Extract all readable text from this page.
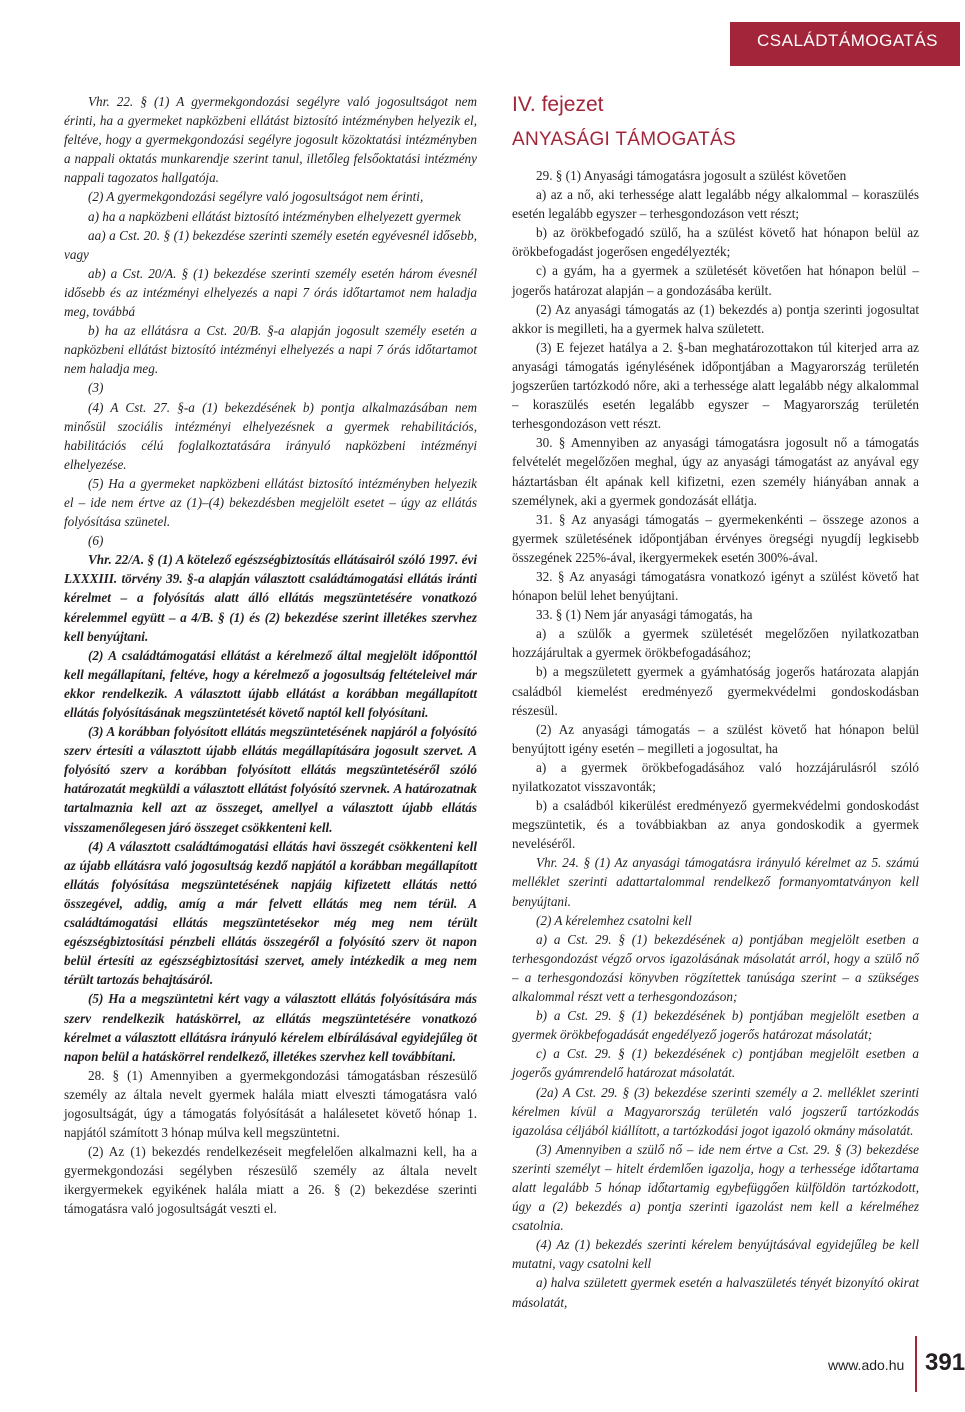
CSALÁDTÁMOGATÁS

Vhr. 22. § (1) A gyermekgondozási segélyre való jogosultságot nem érinti, ha a gyermeket napközbeni ellátást biztosító intézményben helyezik el, feltéve, hogy a gyermekgondozási segélyre jogosult közoktatási intézményben a nappali oktatás munkarendje szerint tanul, illetőleg felsőoktatási intézmény nappali tagozatos hallgatója.

(2) A gyermekgondozási segélyre való jogosultságot nem érinti,

a) ha a napközbeni ellátást biztosító intézményben elhelyezett gyermek

aa) a Cst. 20. § (1) bekezdése szerinti személy esetén egyévesnél idősebb, vagy

ab) a Cst. 20/A. § (1) bekezdése szerinti személy esetén három évesnél idősebb és az intézményi elhelyezés a napi 7 órás időtartamot nem haladja meg, továbbá

b) ha az ellátásra a Cst. 20/B. §-a alapján jogosult személy esetén a napközbeni ellátást biztosító intézményi elhelyezés a napi 7 órás időtartamot nem haladja meg.

(3)

(4) A Cst. 27. §-a (1) bekezdésének b) pontja alkalmazásában nem minősül szociális intézményi elhelyezésnek a gyermek rehabilitációs, habilitációs célú foglalkoztatására irányuló napközbeni intézményi elhelyezése.

(5) Ha a gyermeket napközbeni ellátást biztosító intézményben helyezik el – ide nem értve az (1)–(4) bekezdésben megjelölt esetet – úgy az ellátás folyósítása szünetel.

(6)

Vhr. 22/A. § (1) A kötelező egészségbiztosítás ellátásairól szóló 1997. évi LXXXIII. törvény 39. §-a alapján választott családtámogatási ellátás iránti kérelmet – a folyósítás alatt álló ellátás megszüntetésére vonatkozó kérelemmel együtt – a 4/B. § (1) és (2) bekezdése szerint illetékes szervhez kell benyújtani.

(2) A családtámogatási ellátást a kérelmező által megjelölt időponttól kell megállapítani, feltéve, hogy a kérelmező a jogosultság feltételeivel már ekkor rendelkezik. A választott újabb ellátást a korábban megállapított ellátás folyósításának megszüntetését követő naptól kell folyósítani.

(3) A korábban folyósított ellátás megszüntetésének napjáról a folyósító szerv értesíti a választott újabb ellátás megállapítására jogosult szervet. A folyósító szerv a korábban folyósított ellátás megszüntetéséről szóló határozatát megküldi a választott ellátást folyósító szervnek. A határozatnak tartalmaznia kell azt az összeget, amellyel a választott újabb ellátás visszamenőlegesen járó összeget csökkenteni kell.

(4) A választott családtámogatási ellátás havi összegét csökkenteni kell az újabb ellátásra való jogosultság kezdő napjától a korábban megállapított ellátás folyósítása megszüntetésének napjáig kifizetett ellátás nettó összegével, addig, amíg a már felvett ellátás meg nem térül. A családtámogatási ellátás megszüntetésekor még meg nem térült egészségbiztosítási pénzbeli ellátás összegéről a folyósító szerv öt napon belül értesíti az egészségbiztosítási szervet, amely intézkedik a meg nem térült tartozás behajtásáról.

(5) Ha a megszüntetni kért vagy a választott ellátás folyósítására más szerv rendelkezik hatáskörrel, az ellátás megszüntetésére vonatkozó kérelmet a választott ellátásra irányuló kérelem elbírálásával egyidejűleg öt napon belül a hatáskörrel rendelkező, illetékes szervhez kell továbbítani.

28. § (1) Amennyiben a gyermekgondozási támogatásban részesülő személy az általa nevelt gyermek halála miatt elveszti támogatásra való jogosultságát, úgy a támogatás folyósítását a halálesetet követő hónap 1. napjától számított 3 hónap múlva kell megszüntetni.

(2) Az (1) bekezdés rendelkezéseit megfelelően alkalmazni kell, ha a gyermekgondozási segélyben részesülő személy az általa nevelt ikergyermekek egyikének halála miatt a 26. § (2) bekezdése szerinti támogatásra való jogosultságát veszti el.

IV. fejezet
ANYASÁGI TÁMOGATÁS

29. § (1) Anyasági támogatásra jogosult a szülést követően

a) az a nő, aki terhessége alatt legalább négy alkalommal – koraszülés esetén legalább egyszer – terhesgondozáson vett részt;

b) az örökbefogadó szülő, ha a szülést követő hat hónapon belül az örökbefogadást jogerősen engedélyezték;

c) a gyám, ha a gyermek a születését követően hat hónapon belül – jogerős határozat alapján – a gondozásába került.

(2) Az anyasági támogatás az (1) bekezdés a) pontja szerinti jogosultat akkor is megilleti, ha a gyermek halva született.

(3) E fejezet hatálya a 2. §-ban meghatározottakon túl kiterjed arra az anyasági támogatás igénylésének időpontjában a Magyarország területén jogszerűen tartózkodó nőre, aki a terhessége alatt legalább négy alkalommal – koraszülés esetén legalább egyszer – Magyarország területén terhesgondozáson vett részt.

30. § Amennyiben az anyasági támogatásra jogosult nő a támogatás felvételét megelőzően meghal, úgy az anyasági támogatást az anyával egy háztartásban élt apának kell kifizetni, ezen személy hiányában annak a személynek, aki a gyermek gondozását ellátja.

31. § Az anyasági támogatás – gyermekenkénti – összege azonos a gyermek születésének időpontjában érvényes öregségi nyugdíj legkisebb összegének 225%-ával, ikergyermekek esetén 300%-ával.

32. § Az anyasági támogatásra vonatkozó igényt a szülést követő hat hónapon belül lehet benyújtani.

33. § (1) Nem jár anyasági támogatás, ha

a) a szülők a gyermek születését megelőzően nyilatkozatban hozzájárultak a gyermek örökbefogadásához;

b) a megszületett gyermek a gyámhatóság jogerős határozata alapján családból kiemelést eredményező gyermekvédelmi gondoskodásban részesül.

(2) Az anyasági támogatás – a szülést követő hat hónapon belül benyújtott igény esetén – megilleti a jogosultat, ha

a) a gyermek örökbefogadásához való hozzájárulásról szóló nyilatkozatot visszavonták;

b) a családból kikerülést eredményező gyermekvédelmi gondoskodást megszüntetik, és a továbbiakban az anya gondoskodik a gyermek neveléséről.

Vhr. 24. § (1) Az anyasági támogatásra irányuló kérelmet az 5. számú melléklet szerinti adattartalommal rendelkező formanyomtatványon kell benyújtani.

(2) A kérelemhez csatolni kell

a) a Cst. 29. § (1) bekezdésének a) pontjában megjelölt esetben a terhesgondozást végző orvos igazolásának másolatát arról, hogy a szülő nő – a terhesgondozási könyvben rögzítettek tanúsága szerint – a szükséges alkalommal részt vett a terhesgondozáson;

b) a Cst. 29. § (1) bekezdésének b) pontjában megjelölt esetben a gyermek örökbefogadását engedélyező jogerős határozat másolatát;

c) a Cst. 29. § (1) bekezdésének c) pontjában megjelölt esetben a jogerős gyámrendelő határozat másolatát.

(2a) A Cst. 29. § (3) bekezdése szerinti személy a 2. melléklet szerinti kérelmen kívül a Magyarország területén való jogszerű tartózkodás igazolása céljából kiállított, a tartózkodási jogot igazoló okmány másolatát.

(3) Amennyiben a szülő nő – ide nem értve a Cst. 29. § (3) bekezdése szerinti személyt – hitelt érdemlően igazolja, hogy a terhessége időtartama alatt legalább 5 hónap időtartamig egybefüggően külföldön tartózkodott, úgy a (2) bekezdés a) pontja szerinti igazolást nem kell a kérelméhez csatolnia.

(4) Az (1) bekezdés szerinti kérelem benyújtásával egyidejűleg be kell mutatni, vagy csatolni kell

a) halva született gyermek esetén a halvaszületés tényét bizonyító okirat másolatát,

www.ado.hu 391
